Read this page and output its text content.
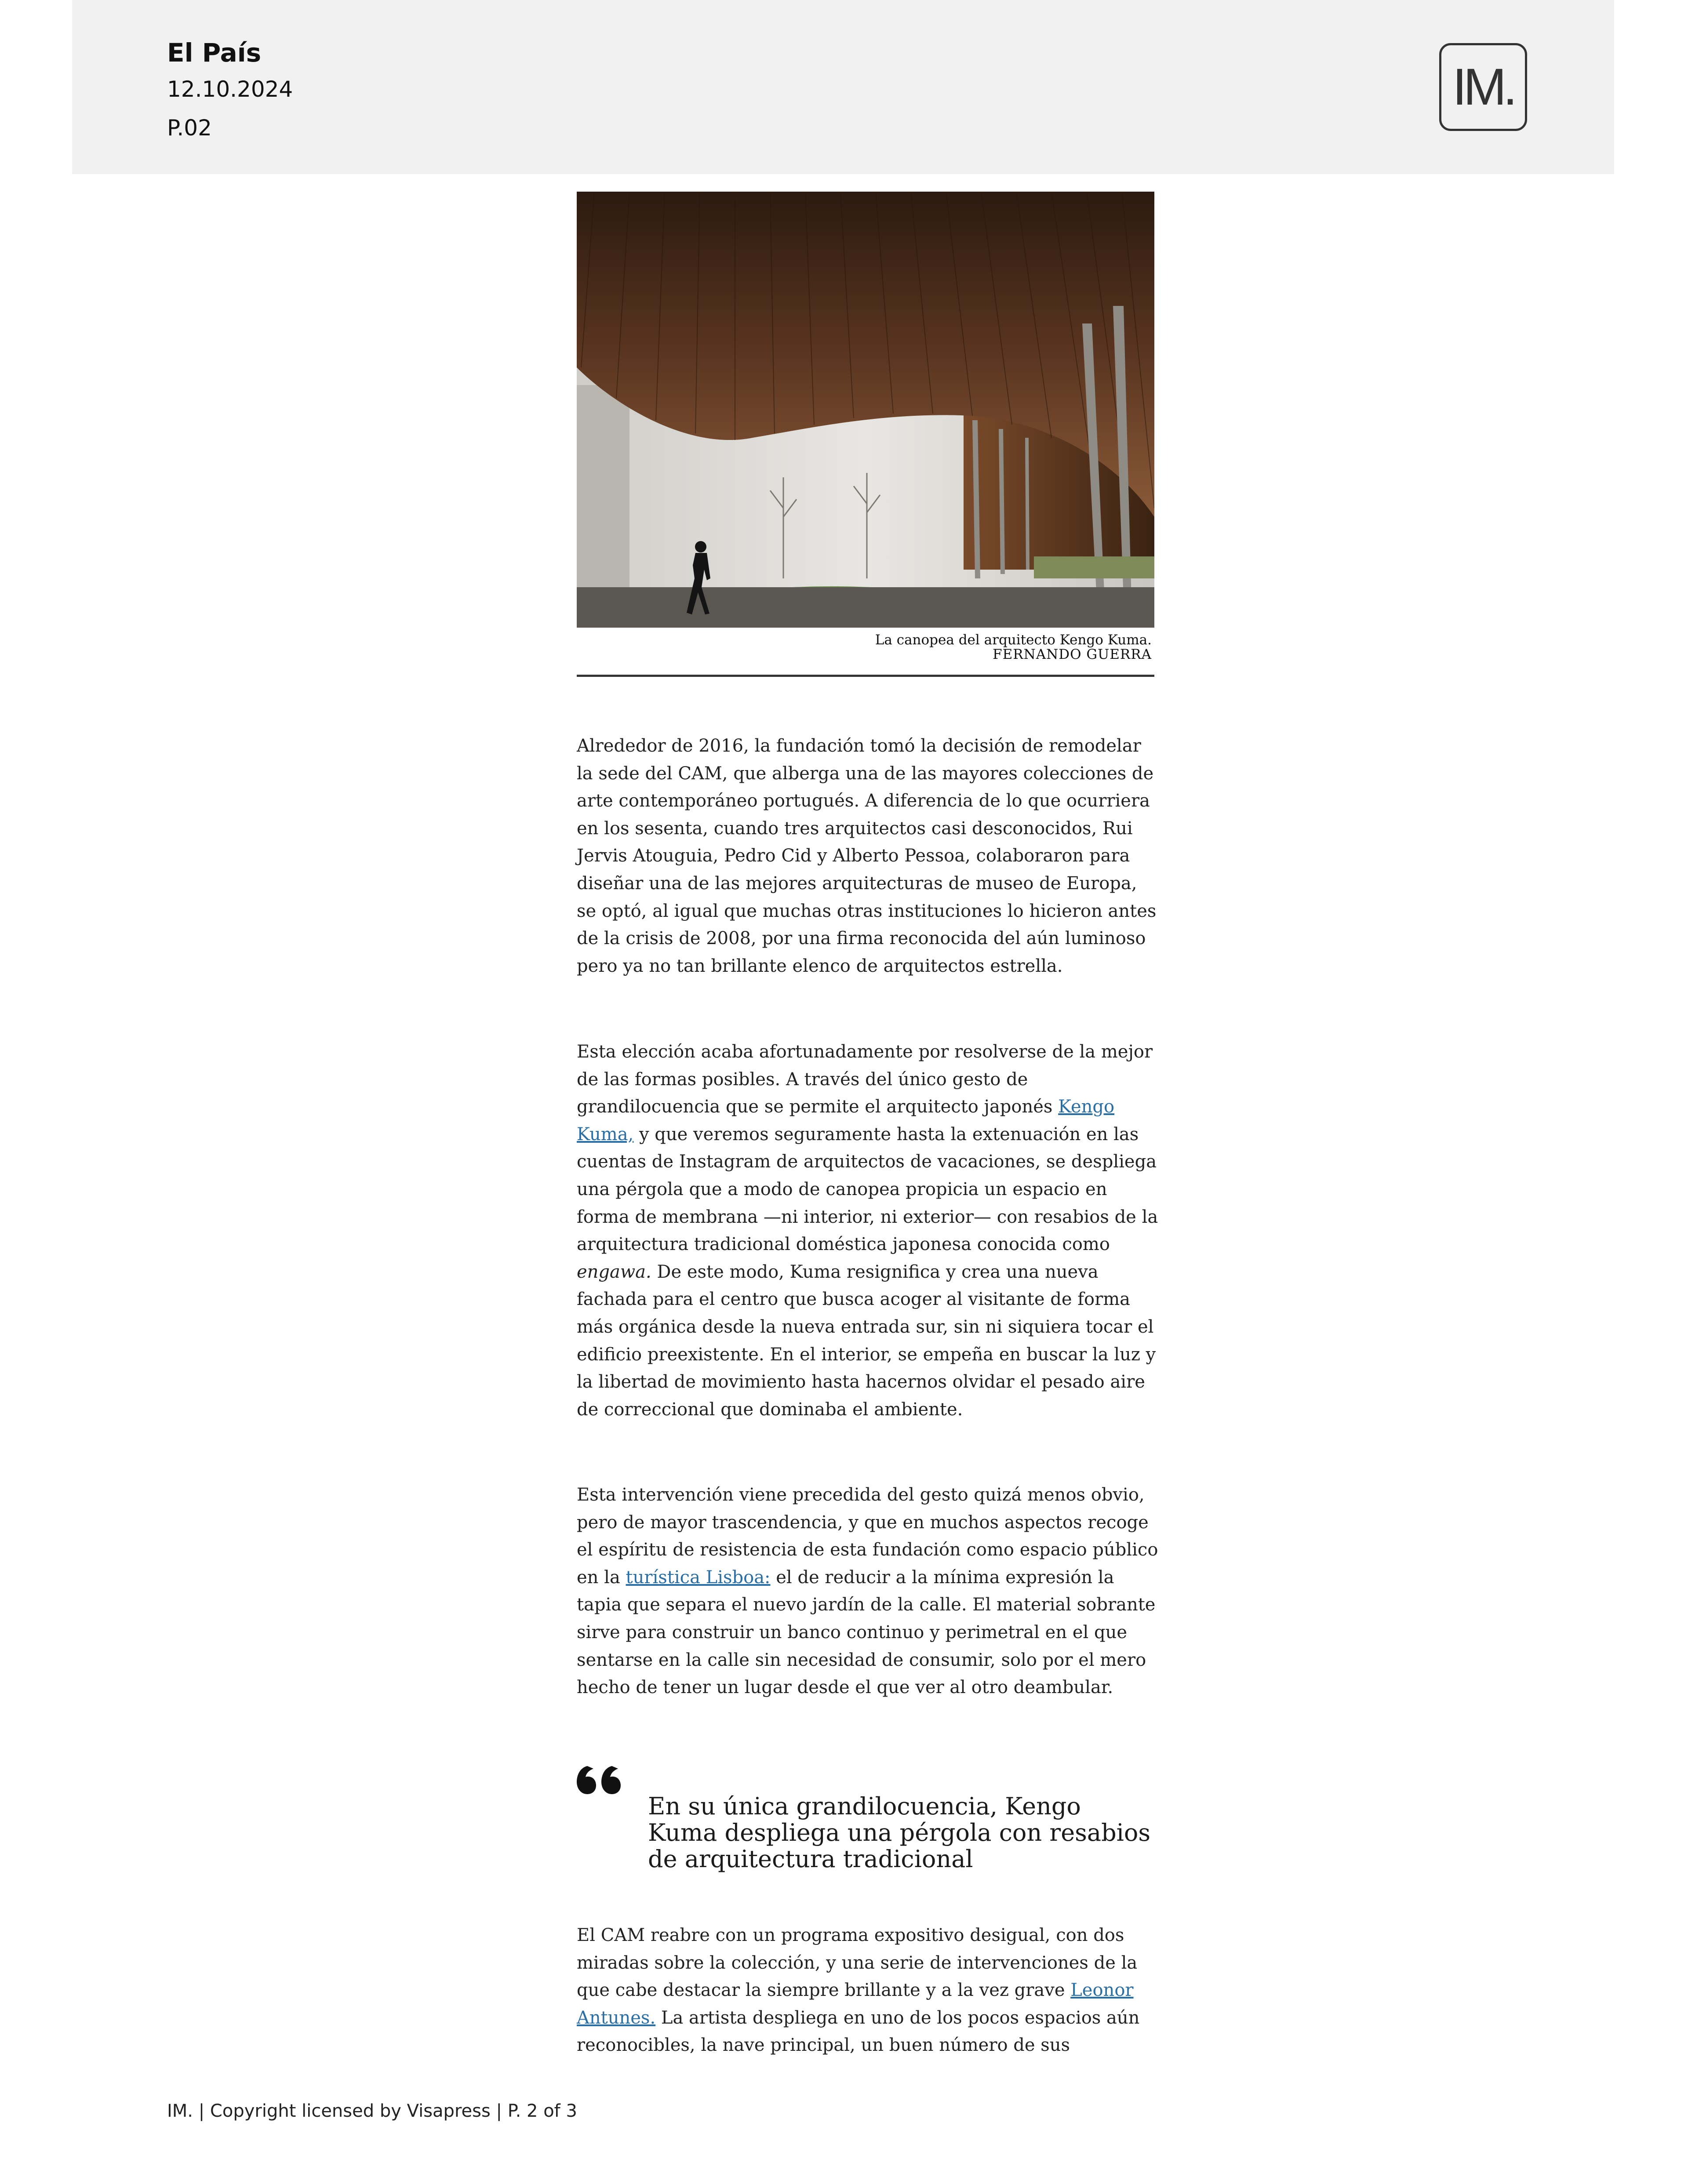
El País
12.10.2024
P.02
IM.
La canopea del arquitecto Kengo Kuma.
FERNANDO GUERRA

Alrededor de 2016, la fundación tomó la decisión de remodelar la sede del CAM, que alberga una de las mayores colecciones de arte contemporáneo portugués. A diferencia de lo que ocurriera en los sesenta, cuando tres arquitectos casi desconocidos, Rui Jervis Atouguia, Pedro Cid y Alberto Pessoa, colaboraron para diseñar una de las mejores arquitecturas de museo de Europa, se optó, al igual que muchas otras instituciones lo hicieron antes de la crisis de 2008, por una firma reconocida del aún luminoso pero ya no tan brillante elenco de arquitectos estrella.

Esta elección acaba afortunadamente por resolverse de la mejor de las formas posibles. A través del único gesto de grandilocuencia que se permite el arquitecto japonés Kengo Kuma, y que veremos seguramente hasta la extenuación en las cuentas de Instagram de arquitectos de vacaciones, se despliega una pérgola que a modo de canopea propicia un espacio en forma de membrana —ni interior, ni exterior— con resabios de la arquitectura tradicional doméstica japonesa conocida como engawa. De este modo, Kuma resignifica y crea una nueva fachada para el centro que busca acoger al visitante de forma más orgánica desde la nueva entrada sur, sin ni siquiera tocar el edificio preexistente. En el interior, se empeña en buscar la luz y la libertad de movimiento hasta hacernos olvidar el pesado aire de correccional que dominaba el ambiente.

Esta intervención viene precedida del gesto quizá menos obvio, pero de mayor trascendencia, y que en muchos aspectos recoge el espíritu de resistencia de esta fundación como espacio público en la turística Lisboa: el de reducir a la mínima expresión la tapia que separa el nuevo jardín de la calle. El material sobrante sirve para construir un banco continuo y perimetral en el que sentarse en la calle sin necesidad de consumir, solo por el mero hecho de tener un lugar desde el que ver al otro deambular.

En su única grandilocuencia, Kengo Kuma despliega una pérgola con resabios de arquitectura tradicional

El CAM reabre con un programa expositivo desigual, con dos miradas sobre la colección, y una serie de intervenciones de la que cabe destacar la siempre brillante y a la vez grave Leonor Antunes. La artista despliega en uno de los pocos espacios aún reconocibles, la nave principal, un buen número de sus

IM. | Copyright licensed by Visapress | P. 2 of 3
